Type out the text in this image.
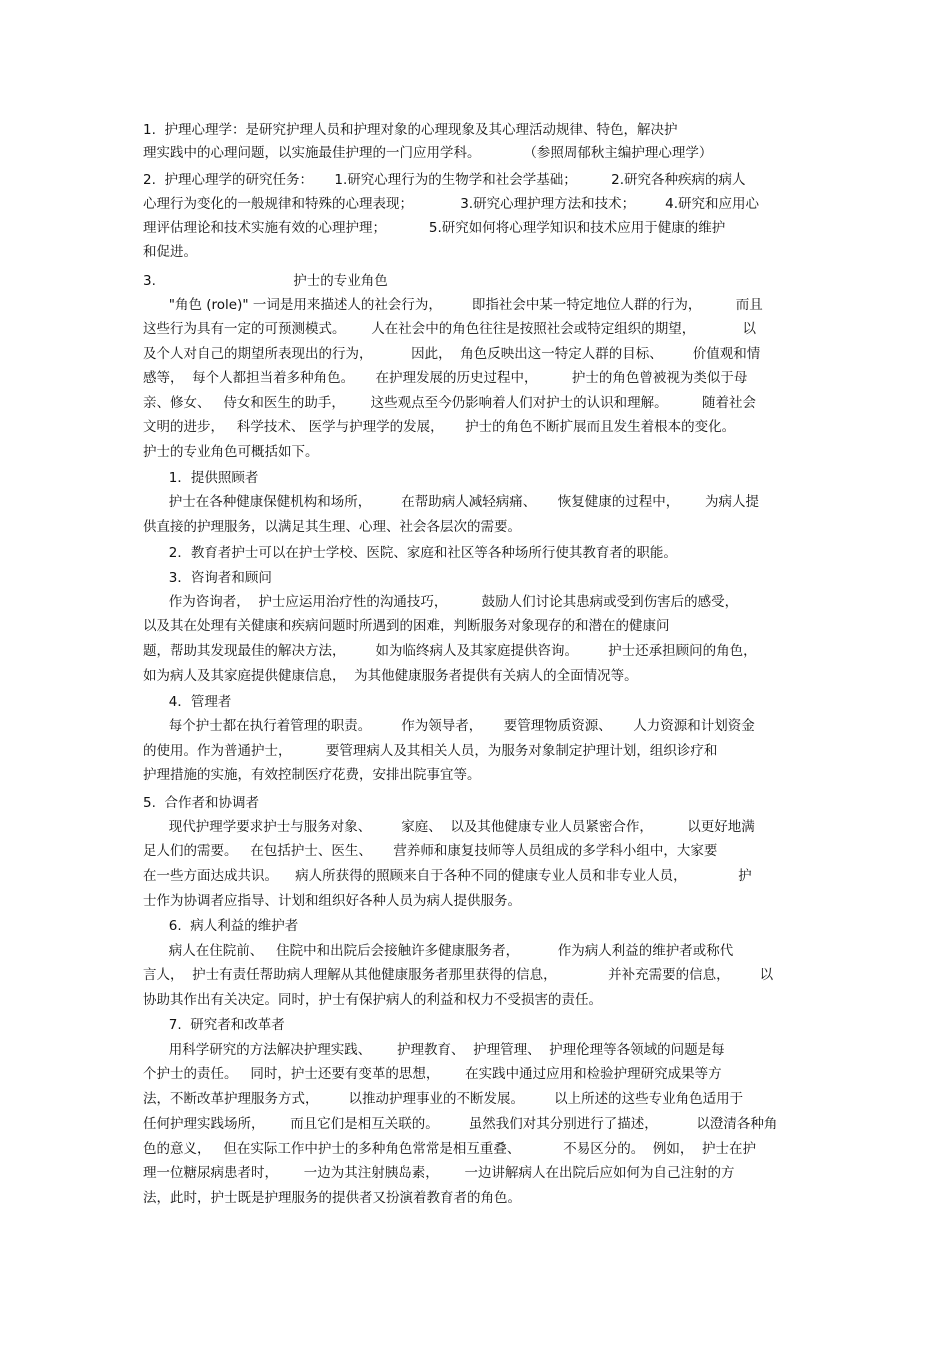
1.  护理心理学：是研究护理人员和护理对象的心理现象及其心理活动规律、特色，解决护
理实践中的心理问题，以实施最佳护理的一门应用学科。          （参照周郁秋主编护理心理学）
2.  护理心理学的研究任务：     1.研究心理行为的生物学和社会学基础；        2.研究各种疾病的病人
心理行为变化的一般规律和特殊的心理表现；           3.研究心理护理方法和技术；       4.研究和应用心
理评估理论和技术实施有效的心理护理；          5.研究如何将心理学知识和技术应用于健康的维护
和促进。
3.                                护士的专业角色
"角色 (role)" 一词是用来描述人的社会行为，       即指社会中某一特定地位人群的行为，        而且
这些行为具有一定的可预测模式。      人在社会中的角色往往是按照社会或特定组织的期望，           以
及个人对自己的期望所表现出的行为，         因此，  角色反映出这一特定人群的目标、       价值观和情
感等，  每个人都担当着多种角色。     在护理发展的历史过程中，        护士的角色曾被视为类似于母
亲、修女、   侍女和医生的助手，      这些观点至今仍影响着人们对护士的认识和理解。        随着社会
文明的进步，   科学技术、 医学与护理学的发展，     护士的角色不断扩展而且发生着根本的变化。
护士的专业角色可概括如下。
1．提供照顾者
护士在各种健康保健机构和场所，       在帮助病人减轻病痛、     恢复健康的过程中，      为病人提
供直接的护理服务，以满足其生理、心理、社会各层次的需要。
2．教育者护士可以在护士学校、医院、家庭和社区等各种场所行使其教育者的职能。
3．咨询者和顾问
作为咨询者，  护士应运用治疗性的沟通技巧，        鼓励人们讨论其患病或受到伤害后的感受，
以及其在处理有关健康和疾病问题时所遇到的困难，判断服务对象现存的和潜在的健康问
题，帮助其发现最佳的解决方法，       如为临终病人及其家庭提供咨询。       护士还承担顾问的角色，
如为病人及其家庭提供健康信息，  为其他健康服务者提供有关病人的全面情况等。
4．管理者
每个护士都在执行着管理的职责。       作为领导者，     要管理物质资源、     人力资源和计划资金
的使用。作为普通护士，        要管理病人及其相关人员，为服务对象制定护理计划，组织诊疗和
护理措施的实施，有效控制医疗花费，安排出院事宜等。
5.  合作者和协调者
现代护理学要求护士与服务对象、       家庭、  以及其他健康专业人员紧密合作，        以更好地满
足人们的需要。   在包括护士、医生、     营养师和康复技师等人员组成的多学科小组中，大家要
在一些方面达成共识。    病人所获得的照顾来自于各种不同的健康专业人员和非专业人员，            护
士作为协调者应指导、计划和组织好各种人员为病人提供服务。
6.  病人利益的维护者
病人在住院前、   住院中和出院后会接触许多健康服务者，         作为病人利益的维护者或称代
言人，  护士有责任帮助病人理解从其他健康服务者那里获得的信息，            并补充需要的信息，       以
协助其作出有关决定。同时，护士有保护病人的利益和权力不受损害的责任。
7.  研究者和改革者
用科学研究的方法解决护理实践、      护理教育、  护理管理、  护理伦理等各领域的问题是每
个护士的责任。   同时，护士还要有变革的思想，      在实践中通过应用和检验护理研究成果等方
法，不断改革护理服务方式，       以推动护理事业的不断发展。       以上所述的这些专业角色适用于
任何护理实践场所，      而且它们是相互关联的。       虽然我们对其分别进行了描述，         以澄清各种角
色的意义，   但在实际工作中护士的多种角色常常是相互重叠、          不易区分的。  例如，  护士在护
理一位糖尿病患者时，      一边为其注射胰岛素，      一边讲解病人在出院后应如何为自己注射的方
法，此时，护士既是护理服务的提供者又扮演着教育者的角色。
